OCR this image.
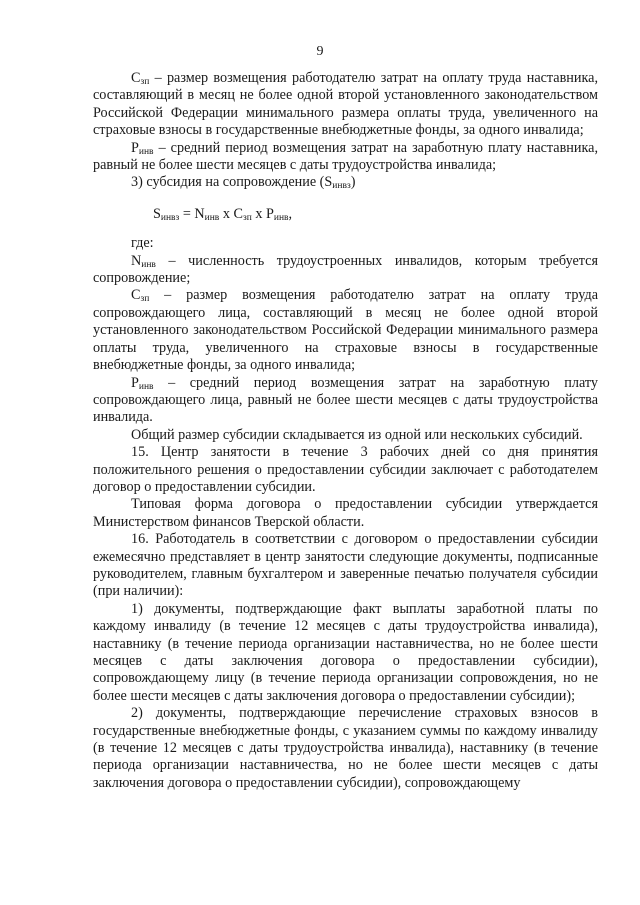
9

$C_{зп}$ – размер возмещения работодателю затрат на оплату труда наставника, составляющий в месяц не более одной второй установленного законодательством Российской Федерации минимального размера оплаты труда, увеличенного на страховые взносы в государственные внебюджетные фонды, за одного инвалида;

$P_{инв}$ – средний период возмещения затрат на заработную плату наставника, равный не более шести месяцев с даты трудоустройства инвалида;

3) субсидия на сопровождение $(S_{инвз})$

$S_{инвз} = N_{инв}$ x $C_{зп}$ x $P_{инв}$,

где:

$N_{инв}$ – численность трудоустроенных инвалидов, которым требуется сопровождение;

$C_{зп}$ – размер возмещения работодателю затрат на оплату труда сопровождающего лица, составляющий в месяц не более одной второй установленного законодательством Российской Федерации минимального размера оплаты труда, увеличенного на страховые взносы в государственные внебюджетные фонды, за одного инвалида;

$P_{инв}$ – средний период возмещения затрат на заработную плату сопровождающего лица, равный не более шести месяцев с даты трудоустройства инвалида.

Общий размер субсидии складывается из одной или нескольких субсидий.

15. Центр занятости в течение 3 рабочих дней со дня принятия положительного решения о предоставлении субсидии заключает с работодателем договор о предоставлении субсидии.

Типовая форма договора о предоставлении субсидии утверждается Министерством финансов Тверской области.

16. Работодатель в соответствии с договором о предоставлении субсидии ежемесячно представляет в центр занятости следующие документы, подписанные руководителем, главным бухгалтером и заверенные печатью получателя субсидии (при наличии):

1) документы, подтверждающие факт выплаты заработной платы по каждому инвалиду (в течение 12 месяцев с даты трудоустройства инвалида), наставнику (в течение периода организации наставничества, но не более шести месяцев с даты заключения договора о предоставлении субсидии), сопровождающему лицу (в течение периода организации сопровождения, но не более шести месяцев с даты заключения договора о предоставлении субсидии);

2) документы, подтверждающие перечисление страховых взносов в государственные внебюджетные фонды, с указанием суммы по каждому инвалиду (в течение 12 месяцев с даты трудоустройства инвалида), наставнику (в течение периода организации наставничества, но не более шести месяцев с даты заключения договора о предоставлении субсидии), сопровождающему
